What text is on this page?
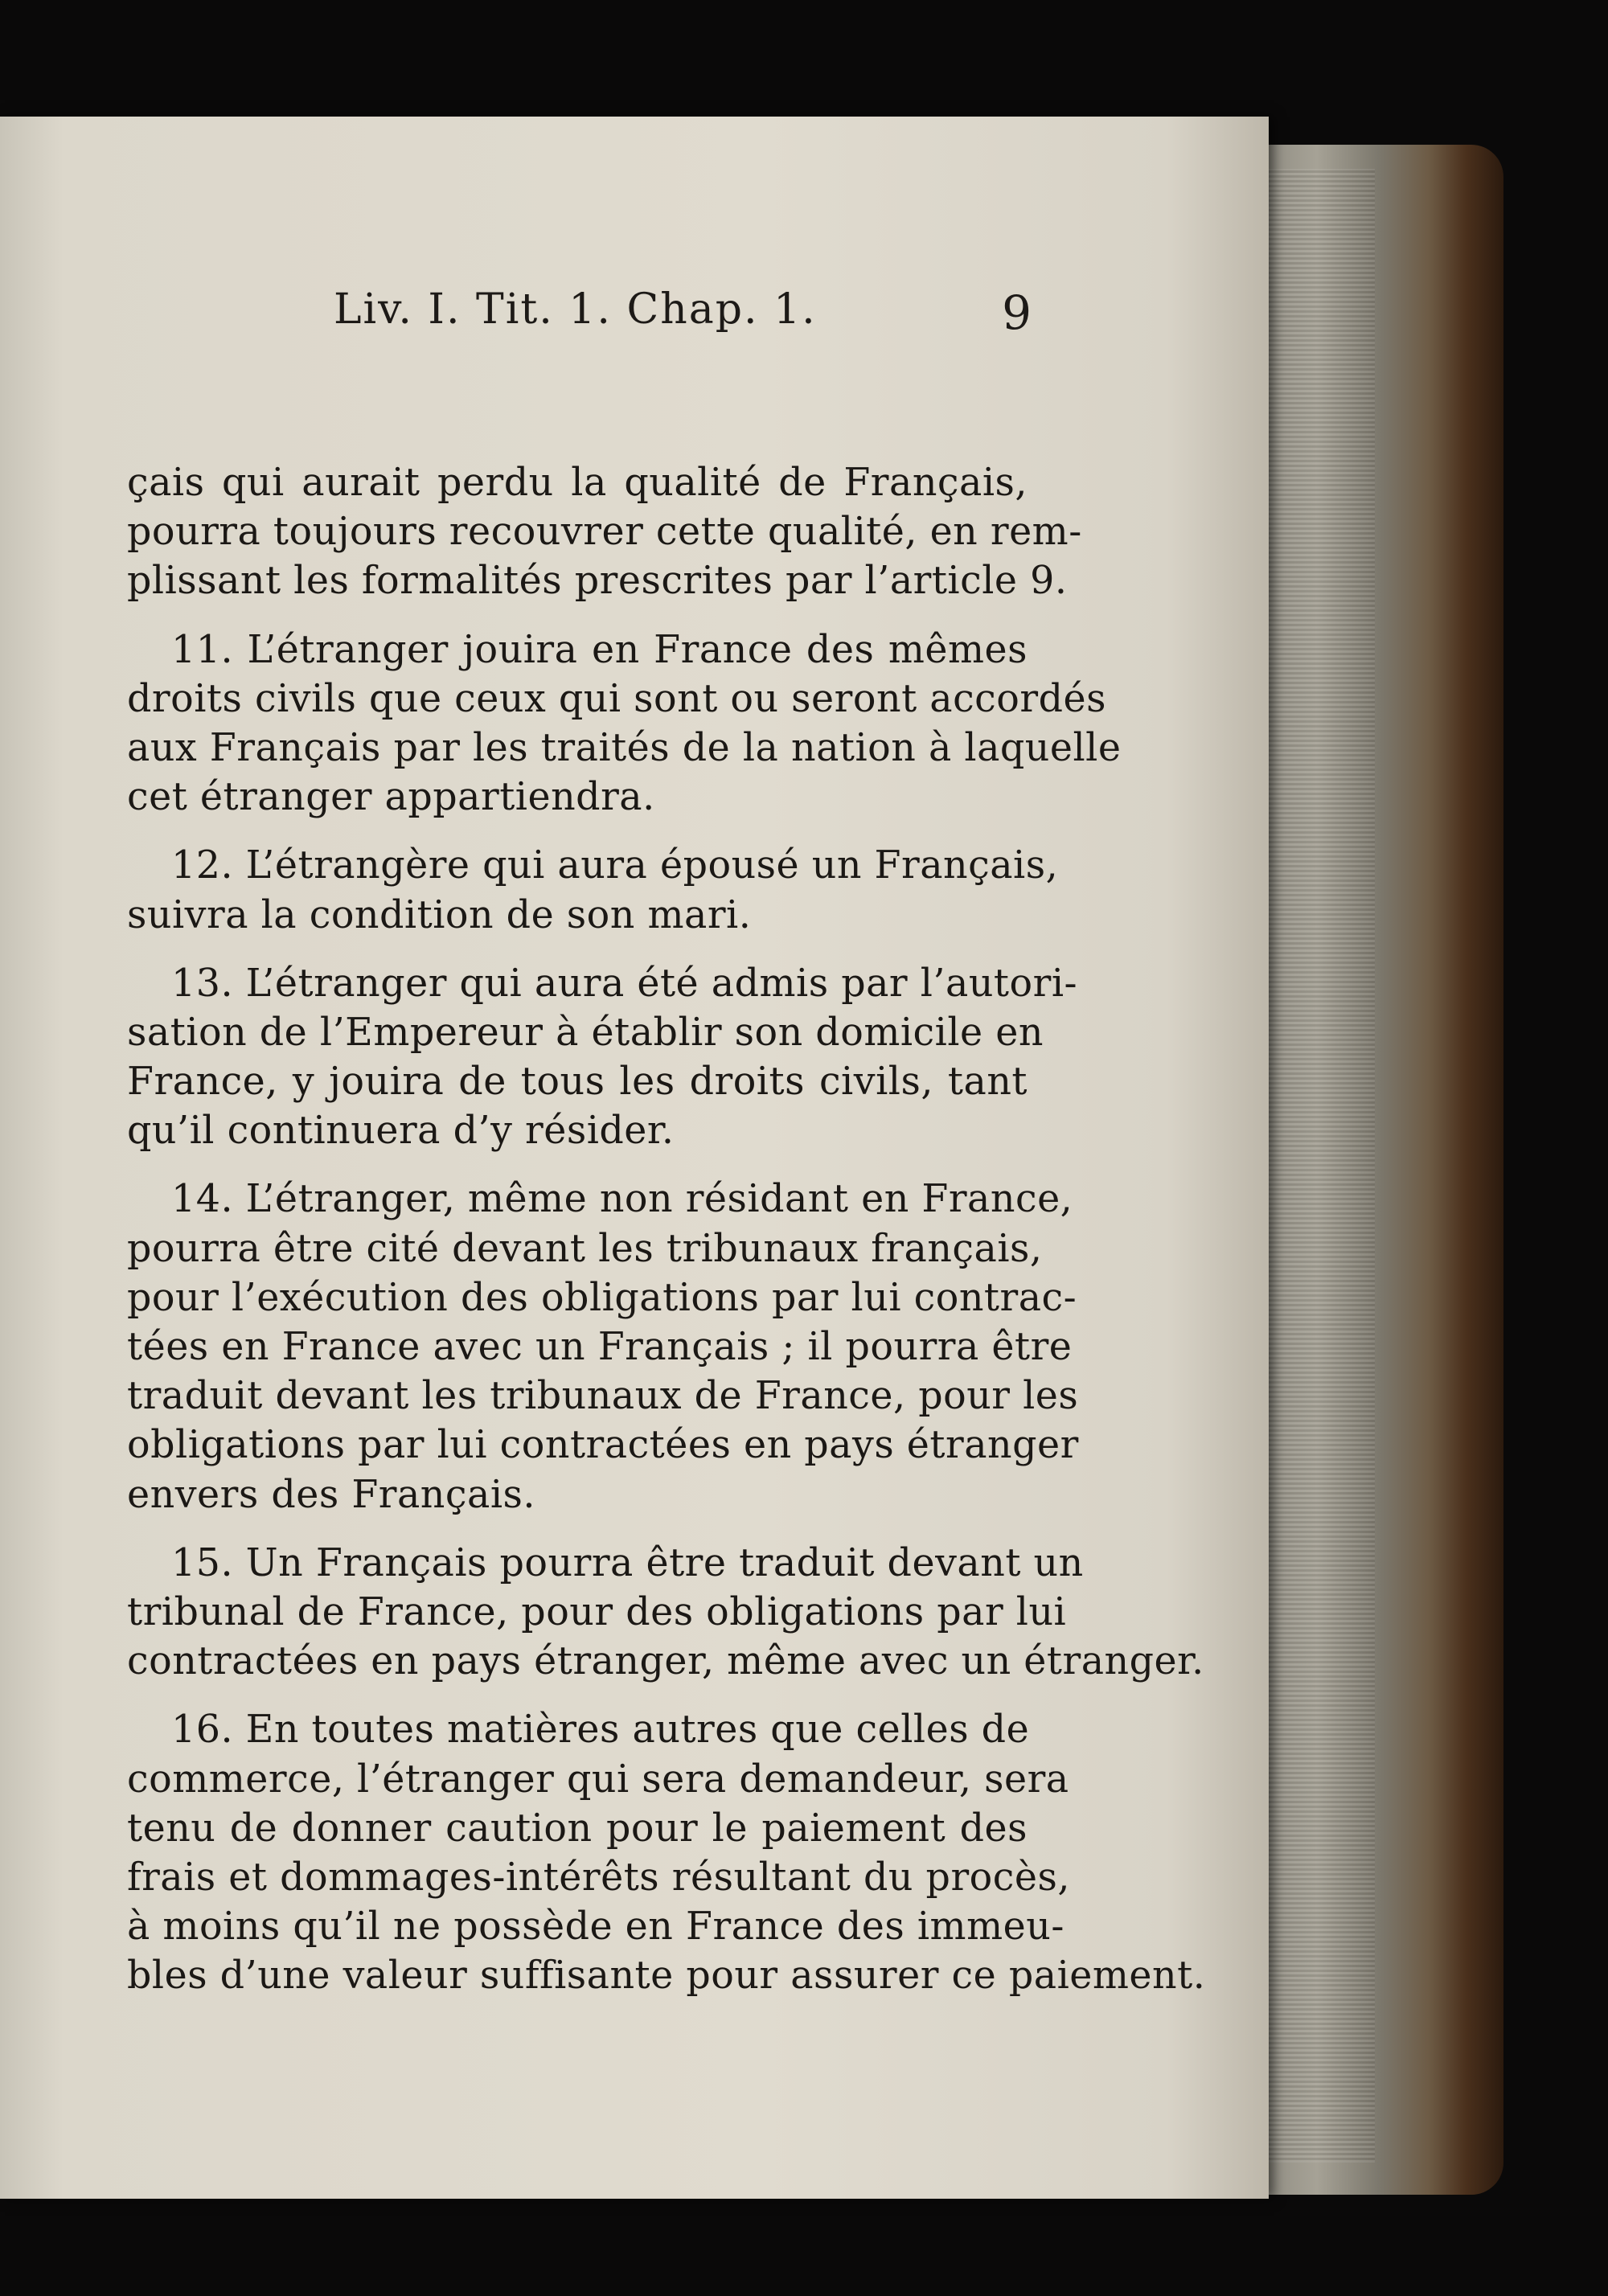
Liv. I. Tit. 1. Chap. 1.	9
çais qui aurait perdu la qualité de Français,
pourra toujours recouvrer cette qualité, en rem-
plissant les formalités prescrites par l’article 9.
11. L’étranger jouira en France des mêmes
droits civils que ceux qui sont ou seront accordés
aux Français par les traités de la nation à laquelle
cet étranger appartiendra.
12. L’étrangère qui aura épousé un Français,
suivra la condition de son mari.
13. L’étranger qui aura été admis par l’autori-
sation de l’Empereur à établir son domicile en
France, y jouira de tous les droits civils, tant
qu’il continuera d’y résider.
14. L’étranger, même non résidant en France,
pourra être cité devant les tribunaux français,
pour l’exécution des obligations par lui contrac-
tées en France avec un Français ; il pourra être
traduit devant les tribunaux de France, pour les
obligations par lui contractées en pays étranger
envers des Français.
15. Un Français pourra être traduit devant un
tribunal de France, pour des obligations par lui
contractées en pays étranger, même avec un étranger.
16. En toutes matières autres que celles de
commerce, l’étranger qui sera demandeur, sera
tenu de donner caution pour le paiement des
frais et dommages-intérêts résultant du procès,
à moins qu’il ne possède en France des immeu-
bles d’une valeur suffisante pour assurer ce paiement.
